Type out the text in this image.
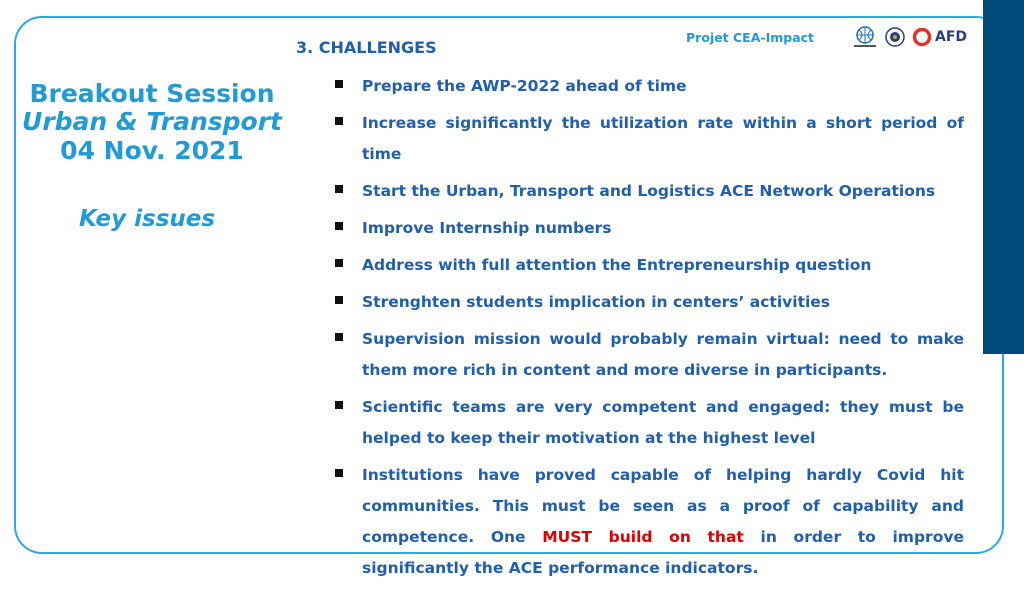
Breakout Session
Urban & Transport
04 Nov. 2021
Key issues
3. CHALLENGES
Projet CEA-Impact	AFD
Prepare the AWP-2022 ahead of time
Increase significantly the utilization rate within a short period of time
Start the Urban, Transport and Logistics ACE Network Operations
Improve Internship numbers
Address with full attention the Entrepreneurship question
Strenghten students implication in centers’ activities
Supervision mission would probably remain virtual: need to make them more rich in content and more diverse in participants.
Scientific teams are very competent and engaged: they must be helped to keep their motivation at the highest level
Institutions have proved capable of helping hardly Covid hit communities. This must be seen as a proof of capability and competence. One MUST build on that in order to improve significantly the ACE performance indicators.
